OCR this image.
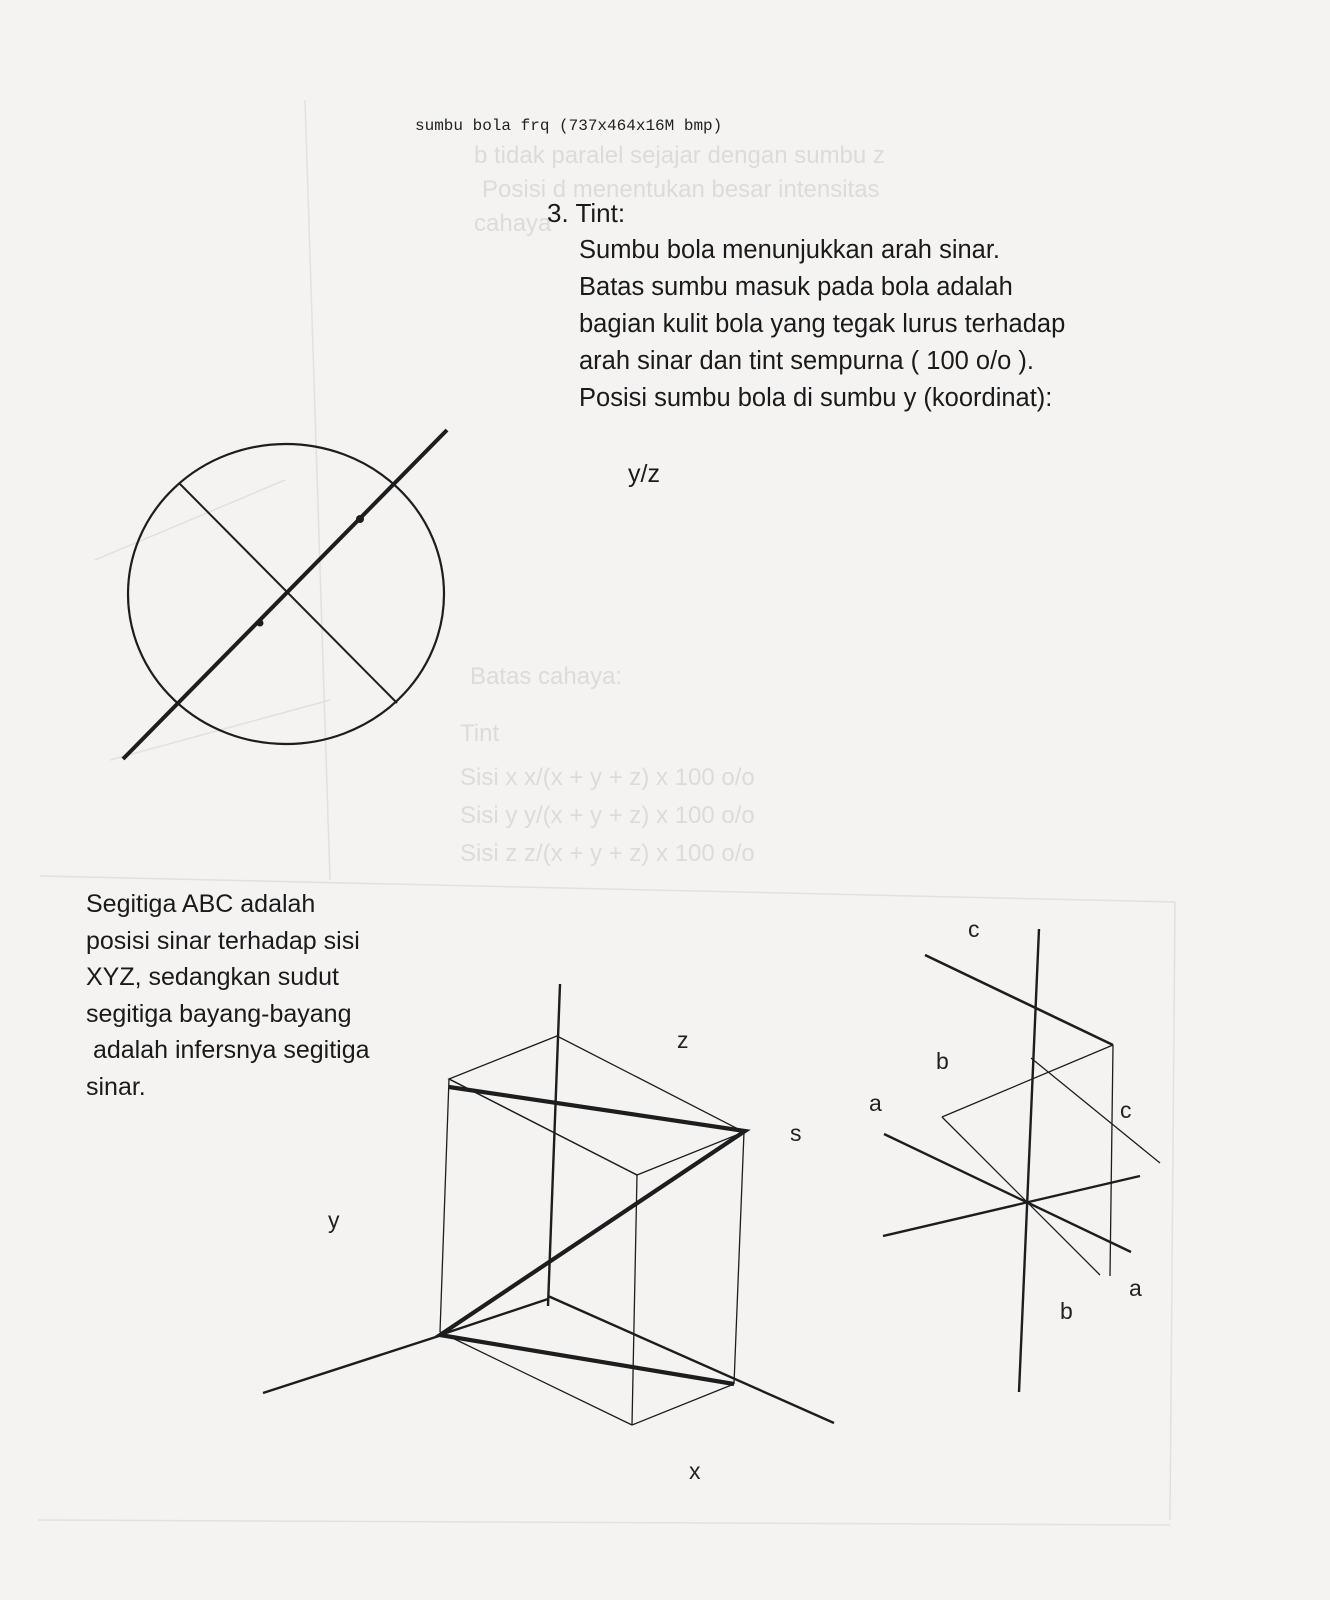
b tidak paralel sejajar dengan sumbu z
Posisi d menentukan besar intensitas
cahaya
Batas cahaya:
Tint
Sisi x x/(x + y + z) x 100 o/o
Sisi y y/(x + y + z) x 100 o/o
Sisi z z/(x + y + z) x 100 o/o
sumbu bola frq (737x464x16M bmp)
3. Tint:
Sumbu bola menunjukkan arah sinar.
Batas sumbu masuk pada bola adalah
bagian kulit bola yang tegak lurus terhadap
arah sinar dan tint sempurna ( 100 o/o ).
Posisi sumbu bola di sumbu y (koordinat):
y/z
Segitiga ABC adalah
posisi sinar terhadap sisi
XYZ, sedangkan sudut
segitiga bayang-bayang
adalah infersnya segitiga
sinar.
z
s
y
x
c
b
a	c
a
b
